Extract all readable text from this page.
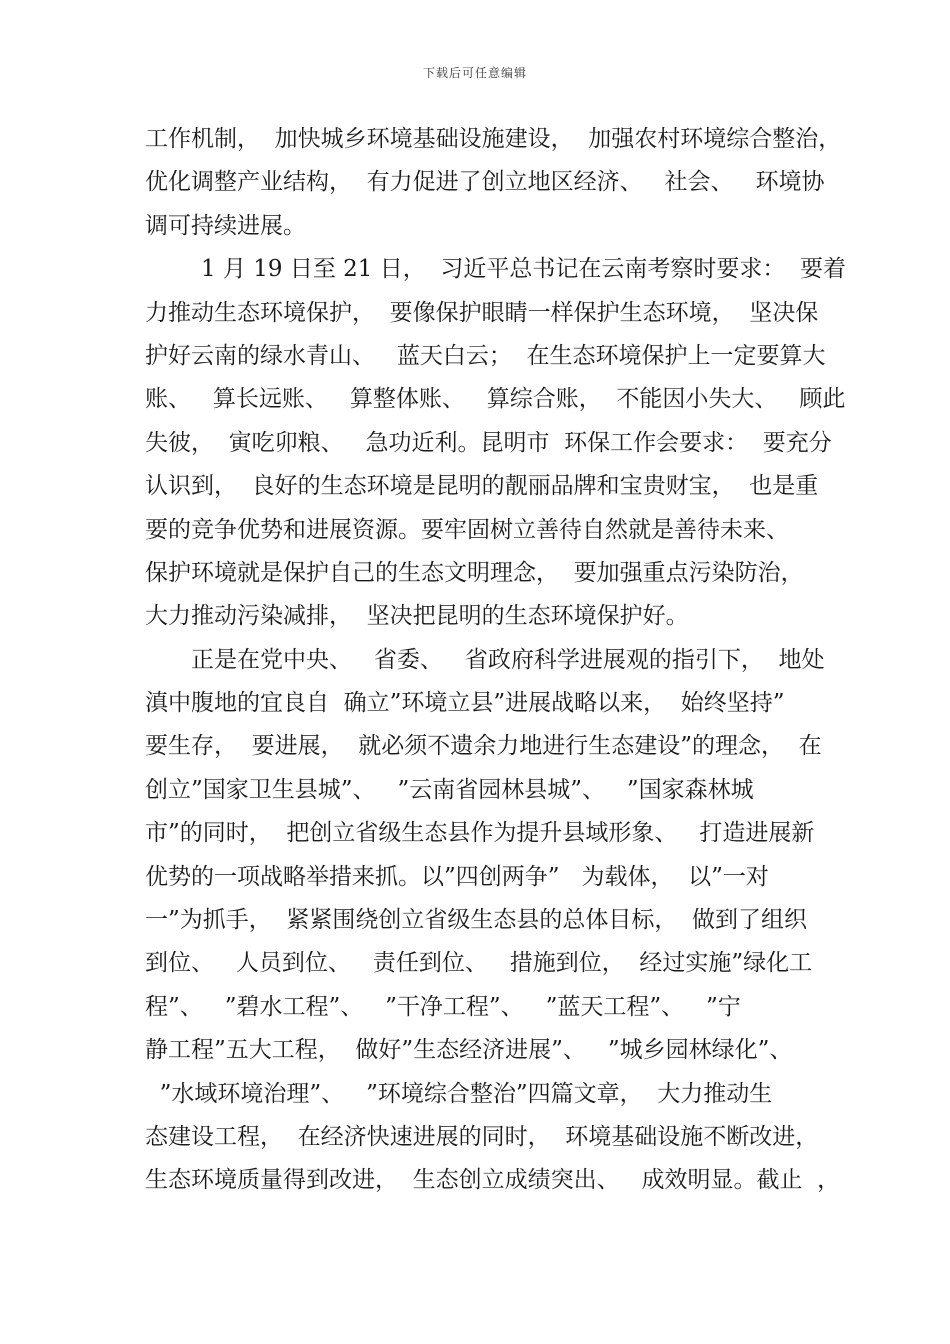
下载后可任意编辑
工作机制，  加快城乡环境基础设施建设，  加强农村环境综合整治，
优化调整产业结构，  有力促进了创立地区经济、   社会、   环境协
调可持续进展。
1 月 19 日至 21 日，  习近平总书记在云南考察时要求：  要着
力推动生态环境保护，  要像保护眼睛一样保护生态环境，  坚决保
护好云南的绿水青山、   蓝天白云；  在生态环境保护上一定要算大
账、   算长远账、   算整体账、   算综合账，  不能因小失大、   顾此
失彼，  寅吃卯粮、   急功近利。昆明市  环保工作会要求：  要充分
认识到，  良好的生态环境是昆明的靓丽品牌和宝贵财宝，  也是重
要的竞争优势和进展资源。要牢固树立善待自然就是善待未来、
保护环境就是保护自己的生态文明理念，  要加强重点污染防治，
大力推动污染减排，  坚决把昆明的生态环境保护好。
正是在党中央、   省委、   省政府科学进展观的指引下，  地处
滇中腹地的宜良自  确立”环境立县”进展战略以来，  始终坚持”
要生存，  要进展，  就必须不遗余力地进行生态建设”的理念，  在
创立”国家卫生县城”、   ”云南省园林县城”、   ”国家森林城
市”的同时，  把创立省级生态县作为提升县域形象、   打造进展新
优势的一项战略举措来抓。以”四创两争”   为载体，  以”一对
一”为抓手，  紧紧围绕创立省级生态县的总体目标，  做到了组织
到位、   人员到位、   责任到位、   措施到位，  经过实施”绿化工
程”、   ”碧水工程”、   ”干净工程”、   ”蓝天工程”、   ”宁
静工程”五大工程，  做好”生态经济进展”、   ”城乡园林绿化”、
”水域环境治理”、   ”环境综合整治”四篇文章，  大力推动生
态建设工程，  在经济快速进展的同时，  环境基础设施不断改进，
生态环境质量得到改进，  生态创立成绩突出、   成效明显。截止  ，
